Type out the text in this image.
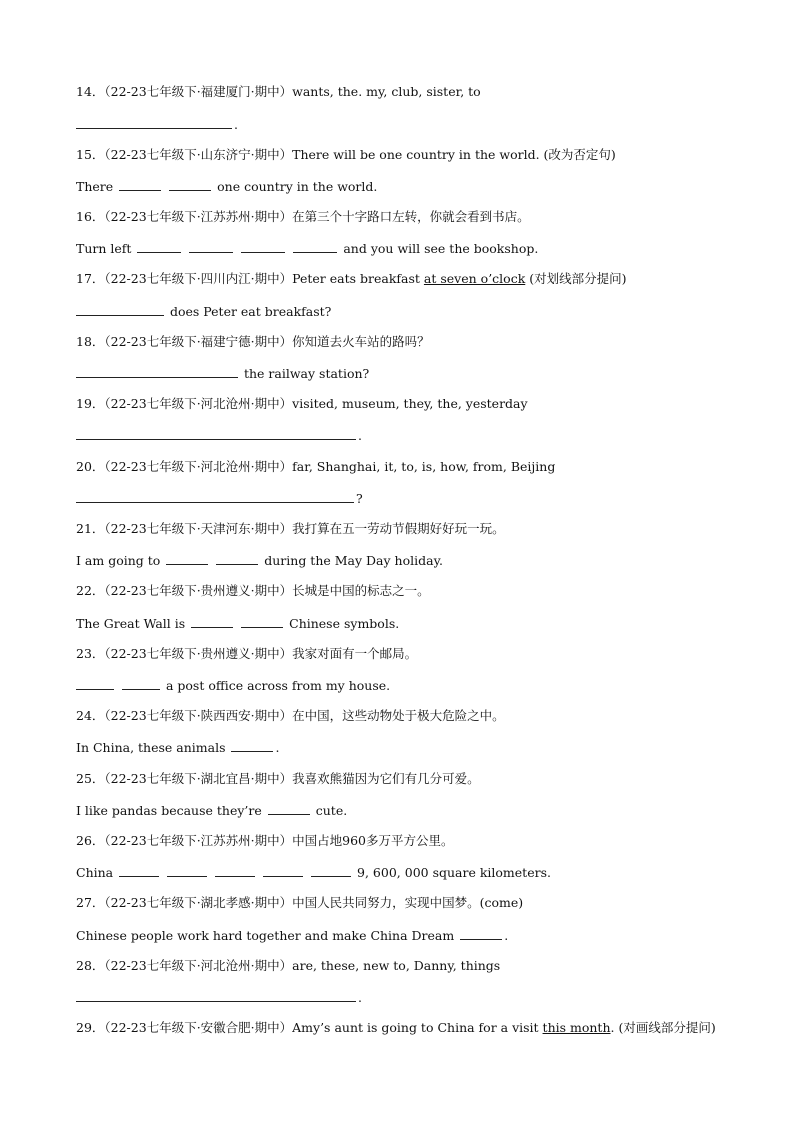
14．（22-23七年级下·福建厦门·期中）wants, the. my, club, sister, to
.
15．（22-23七年级下·山东济宁·期中）There will be one country in the world. (改为否定句)
There	one country in the world.
16．（22-23七年级下·江苏苏州·期中）在第三个十字路口左转，你就会看到书店。
Turn left	and you will see the bookshop.
17．（22-23七年级下·四川内江·期中）Peter eats breakfast at seven o’clock (对划线部分提问)
does Peter eat breakfast?
18．（22-23七年级下·福建宁德·期中）你知道去火车站的路吗？
the railway station?
19．（22-23七年级下·河北沧州·期中）visited, museum, they, the, yesterday
.
20．（22-23七年级下·河北沧州·期中）far, Shanghai, it, to, is, how, from, Beijing
?
21．（22-23七年级下·天津河东·期中）我打算在五一劳动节假期好好玩一玩。
I am going to	during the May Day holiday.
22．（22-23七年级下·贵州遵义·期中）长城是中国的标志之一。
The Great Wall is	Chinese symbols.
23．（22-23七年级下·贵州遵义·期中）我家对面有一个邮局。
a post office across from my house.
24．（22-23七年级下·陕西西安·期中）在中国，这些动物处于极大危险之中。
In China, these animals	.
25．（22-23七年级下·湖北宜昌·期中）我喜欢熊猫因为它们有几分可爱。
I like pandas because they’re	cute.
26．（22-23七年级下·江苏苏州·期中）中国占地960多万平方公里。
China	9, 600, 000 square kilometers.
27．（22-23七年级下·湖北孝感·期中）中国人民共同努力，实现中国梦。(come)
Chinese people work hard together and make China Dream	.
28．（22-23七年级下·河北沧州·期中）are, these, new to, Danny, things
.
29．（22-23七年级下·安徽合肥·期中）Amy’s aunt is going to China for a visit this month. (对画线部分提问)
